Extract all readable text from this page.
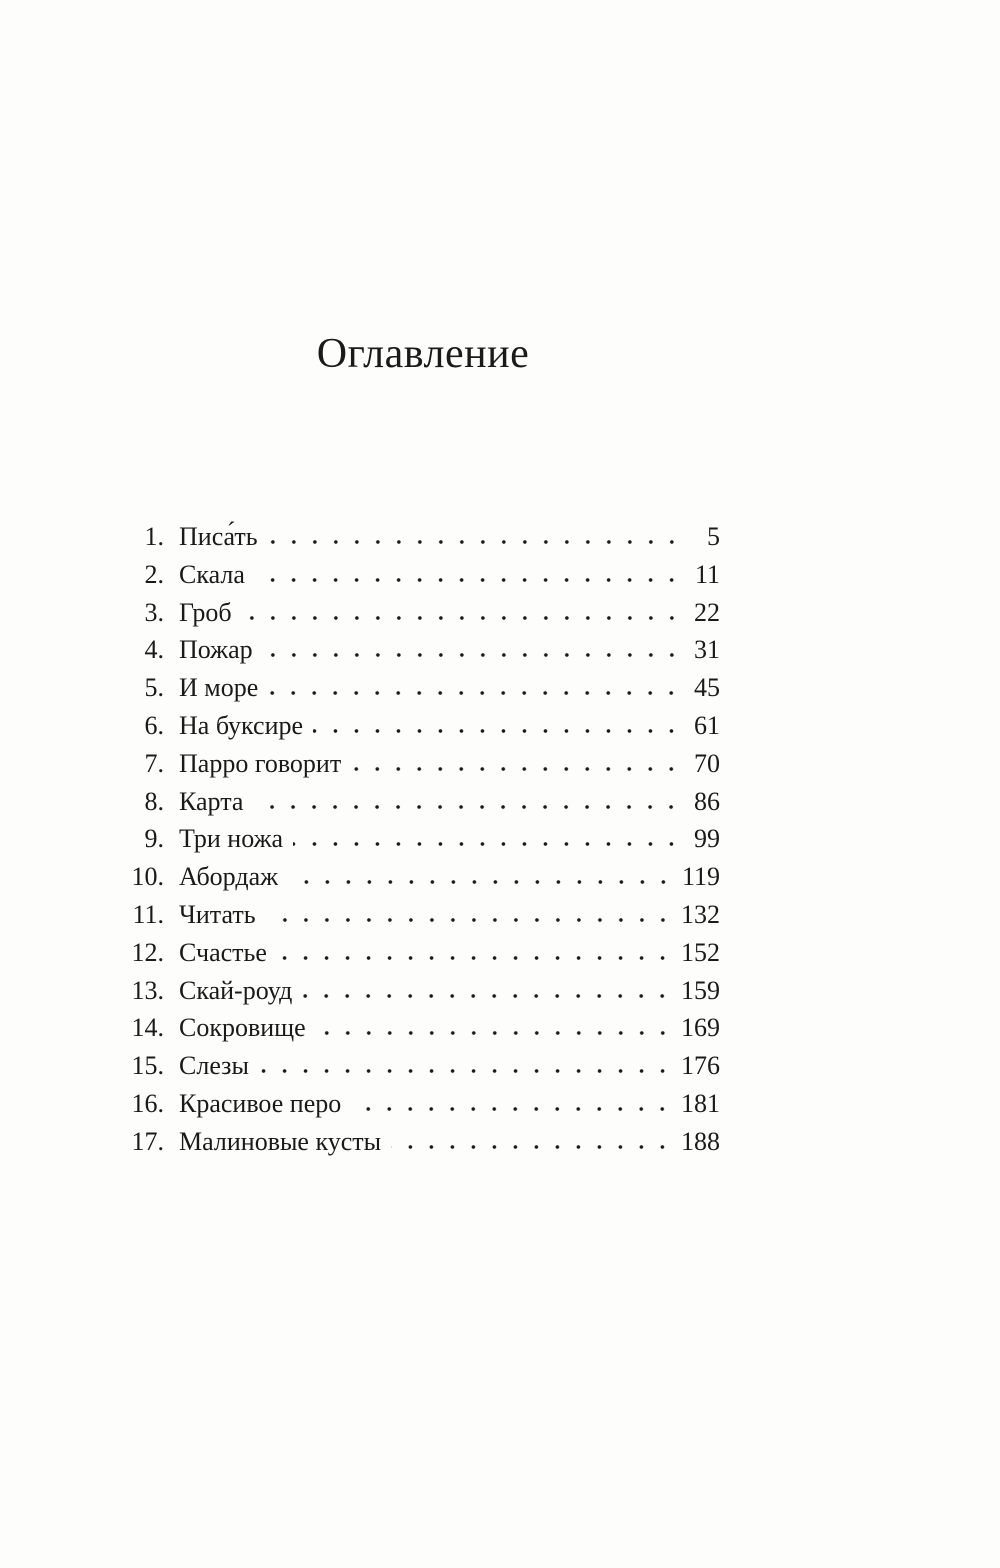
Оглавление
1. Писа́ть	5
2. Скала	11
3. Гроб	22
4. Пожар	31
5. И море	45
6. На буксире	61
7. Парро говорит	70
8. Карта	86
9. Три ножа	99
10. Абордаж	119
11. Читать	132
12. Счастье	152
13. Скай-роуд	159
14. Сокровище	169
15. Слезы	176
16. Красивое перо	181
17. Малиновые кусты	188
